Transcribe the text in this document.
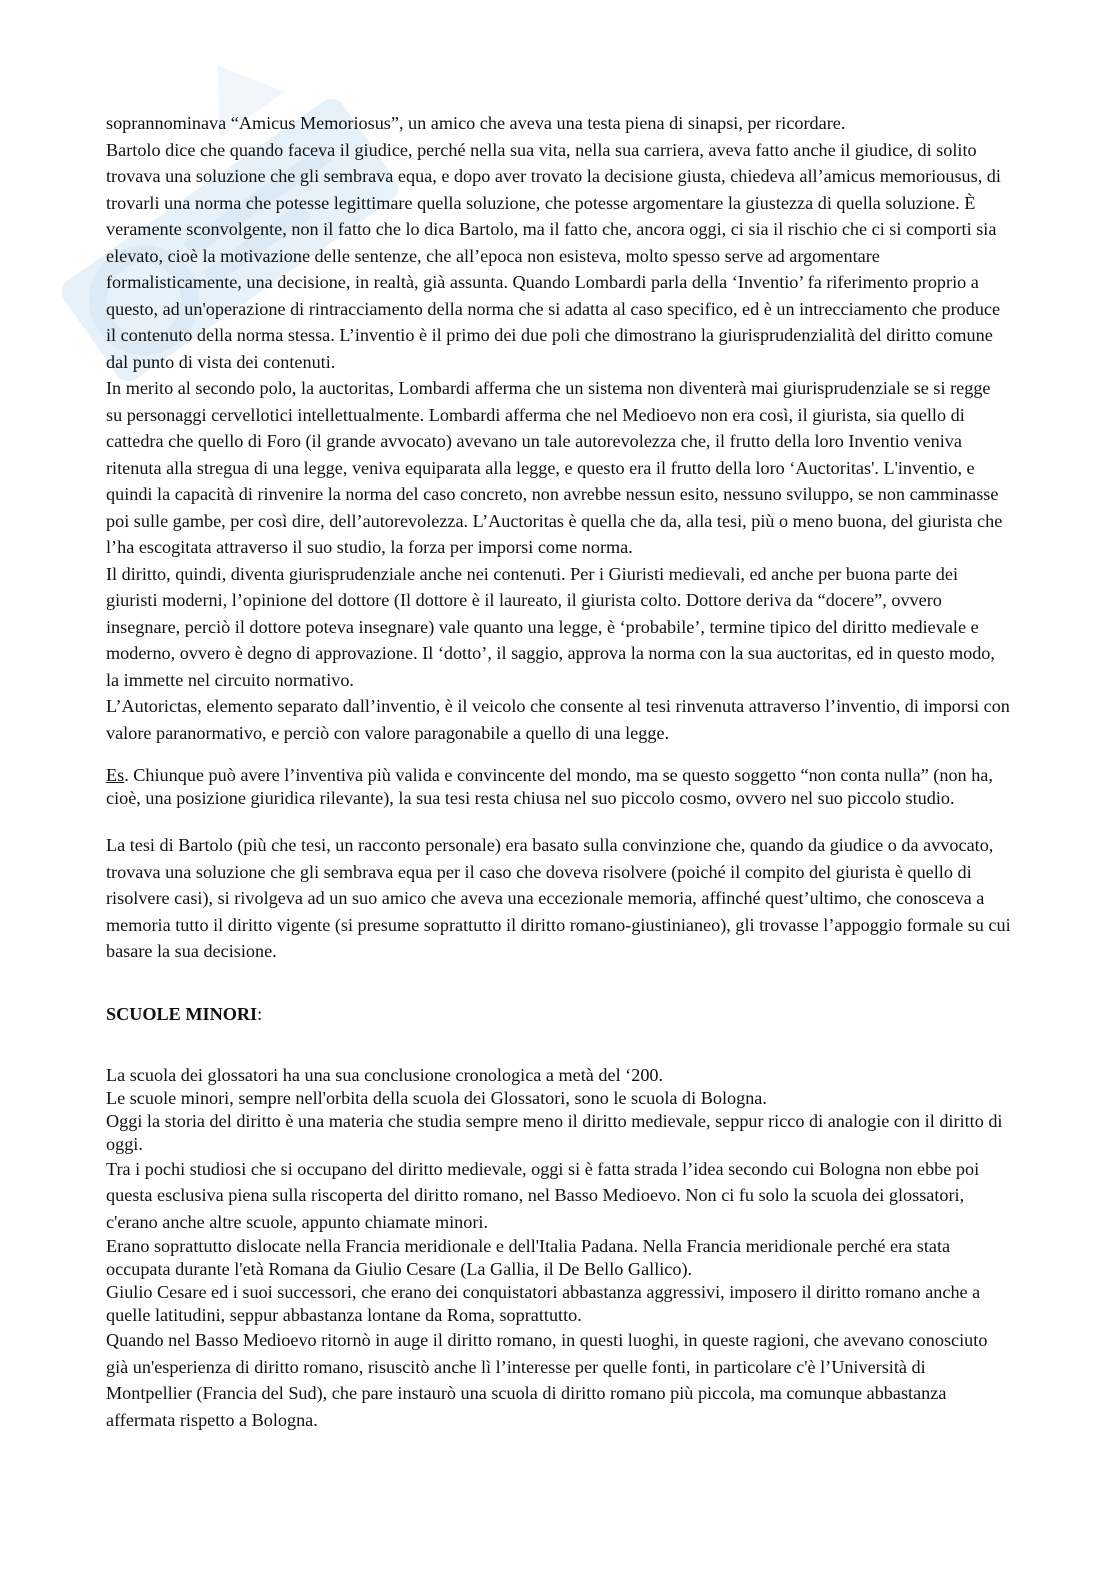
soprannominava “Amicus Memoriosus”, un amico che aveva una testa piena di sinapsi, per ricordare.
Bartolo dice che quando faceva il giudice, perché nella sua vita, nella sua carriera, aveva fatto anche il giudice, di solito trovava una soluzione che gli sembrava equa, e dopo aver trovato la decisione giusta, chiedeva all’amicus memoriousus, di trovarli una norma che potesse legittimare quella soluzione, che potesse argomentare la giustezza di quella soluzione. È veramente sconvolgente, non il fatto che lo dica Bartolo, ma il fatto che, ancora oggi, ci sia il rischio che ci si comporti sia elevato, cioè la motivazione delle sentenze, che all’epoca non esisteva, molto spesso serve ad argomentare formalisticamente, una decisione, in realtà, già assunta. Quando Lombardi parla della ‘Inventio’ fa riferimento proprio a questo, ad un'operazione di rintracciamento della norma che si adatta al caso specifico, ed è un intrecciamento che produce il contenuto della norma stessa. L’inventio è il primo dei due poli che dimostrano la giurisprudenzialità del diritto comune dal punto di vista dei contenuti.

In merito al secondo polo, la auctoritas, Lombardi afferma che un sistema non diventerà mai giurisprudenziale se si regge su personaggi cervellotici intellettualmente. Lombardi afferma che nel Medioevo non era così, il giurista, sia quello di cattedra che quello di Foro (il grande avvocato) avevano un tale autorevolezza che, il frutto della loro Inventio veniva ritenuta alla stregua di una legge, veniva equiparata alla legge, e questo era il frutto della loro ‘Auctoritas'. L'inventio, e quindi la capacità di rinvenire la norma del caso concreto, non avrebbe nessun esito, nessuno sviluppo, se non camminasse poi sulle gambe, per così dire, dell’autorevolezza. L’Auctoritas è quella che da, alla tesi, più o meno buona, del giurista che l’ha escogitata attraverso il suo studio, la forza per imporsi come norma.

Il diritto, quindi, diventa giurisprudenziale anche nei contenuti. Per i Giuristi medievali, ed anche per buona parte dei giuristi moderni, l’opinione del dottore (Il dottore è il laureato, il giurista colto. Dottore deriva da “docere”, ovvero insegnare, perciò il dottore poteva insegnare) vale quanto una legge, è ‘probabile’, termine tipico del diritto medievale e moderno, ovvero è degno di approvazione. Il ‘dotto’, il saggio, approva la norma con la sua auctoritas, ed in questo modo, la immette nel circuito normativo.

L’Autorictas, elemento separato dall’inventio, è il veicolo che consente al tesi rinvenuta attraverso l’inventio, di imporsi con valore paranormativo, e perciò con valore paragonabile a quello di una legge.

Es. Chiunque può avere l’inventiva più valida e convincente del mondo, ma se questo soggetto “non conta nulla” (non ha, cioè, una posizione giuridica rilevante), la sua tesi resta chiusa nel suo piccolo cosmo, ovvero nel suo piccolo studio.

La tesi di Bartolo (più che tesi, un racconto personale) era basato sulla convinzione che, quando da giudice o da avvocato, trovava una soluzione che gli sembrava equa per il caso che doveva risolvere (poiché il compito del giurista è quello di risolvere casi), si rivolgeva ad un suo amico che aveva una eccezionale memoria, affinché quest’ultimo, che conosceva a memoria tutto il diritto vigente (si presume soprattutto il diritto romano-giustinianeo), gli trovasse l’appoggio formale su cui basare la sua decisione.

SCUOLE MINORI:

La scuola dei glossatori ha una sua conclusione cronologica a metà del ‘200.

Le scuole minori, sempre nell'orbita della scuola dei Glossatori, sono le scuola di Bologna.

Oggi la storia del diritto è una materia che studia sempre meno il diritto medievale, seppur ricco di analogie con il diritto di oggi.

Tra i pochi studiosi che si occupano del diritto medievale, oggi si è fatta strada l’idea secondo cui Bologna non ebbe poi questa esclusiva piena sulla riscoperta del diritto romano, nel Basso Medioevo. Non ci fu solo la scuola dei glossatori, c'erano anche altre scuole, appunto chiamate minori.

Erano soprattutto dislocate nella Francia meridionale e dell'Italia Padana. Nella Francia meridionale perché era stata occupata durante l'età Romana da Giulio Cesare (La Gallia, il De Bello Gallico).

Giulio Cesare ed i suoi successori, che erano dei conquistatori abbastanza aggressivi, imposero il diritto romano anche a quelle latitudini, seppur abbastanza lontane da Roma, soprattutto.

Quando nel Basso Medioevo ritornò in auge il diritto romano, in questi luoghi, in queste ragioni, che avevano conosciuto già un'esperienza di diritto romano, risuscitò anche lì l’interesse per quelle fonti, in particolare c'è l’Università di Montpellier (Francia del Sud), che pare instaurò una scuola di diritto romano più piccola, ma comunque abbastanza affermata rispetto a Bologna.
